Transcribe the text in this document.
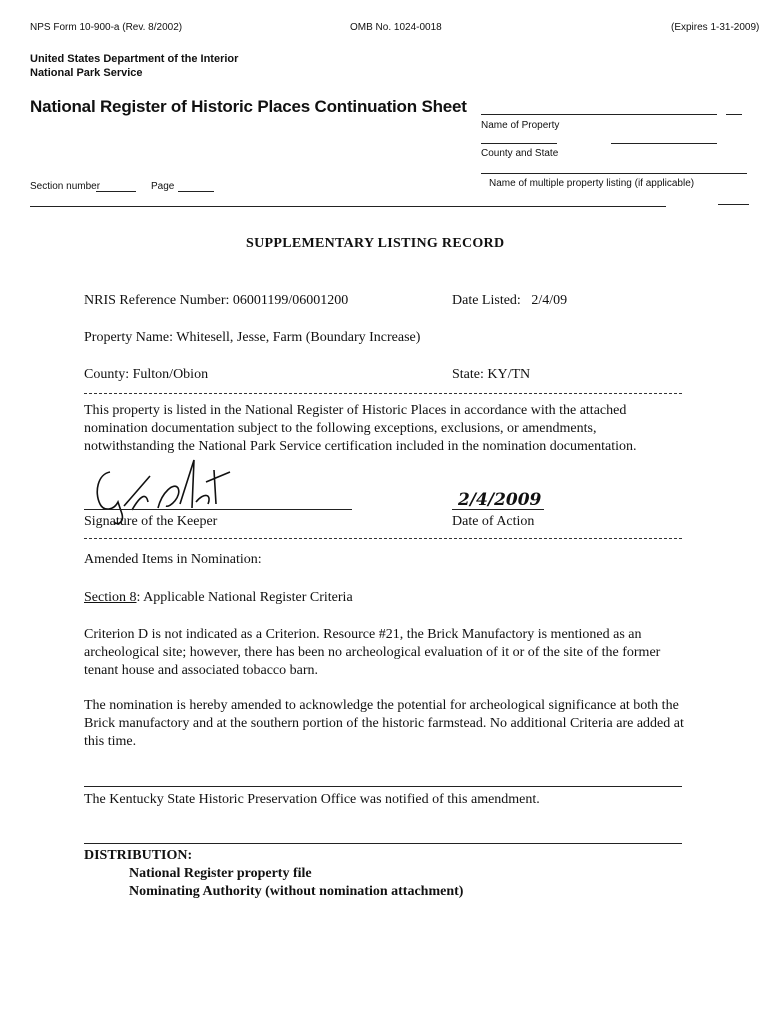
NPS Form 10-900-a (Rev. 8/2002)	OMB No. 1024-0018	(Expires 1-31-2009)
United States Department of the Interior
National Park Service
National Register of Historic Places Continuation Sheet
Name of Property
County and State
Name of multiple property listing (if applicable)
Section number	Page
SUPPLEMENTARY LISTING RECORD
NRIS Reference Number: 06001199/06001200	Date Listed: 2/4/09
Property Name: Whitesell, Jesse, Farm (Boundary Increase)
County: Fulton/Obion	State: KY/TN
This property is listed in the National Register of Historic Places in accordance with the attached nomination documentation subject to the following exceptions, exclusions, or amendments, notwithstanding the National Park Service certification included in the nomination documentation.
Signature of the Keeper
2/4/2009
Date of Action
Amended Items in Nomination:
Section 8: Applicable National Register Criteria
Criterion D is not indicated as a Criterion. Resource #21, the Brick Manufactory is mentioned as an archeological site; however, there has been no archeological evaluation of it or of the site of the former tenant house and associated tobacco barn.
The nomination is hereby amended to acknowledge the potential for archeological significance at both the Brick manufactory and at the southern portion of the historic farmstead. No additional Criteria are added at this time.
The Kentucky State Historic Preservation Office was notified of this amendment.
DISTRIBUTION:
National Register property file
Nominating Authority (without nomination attachment)
